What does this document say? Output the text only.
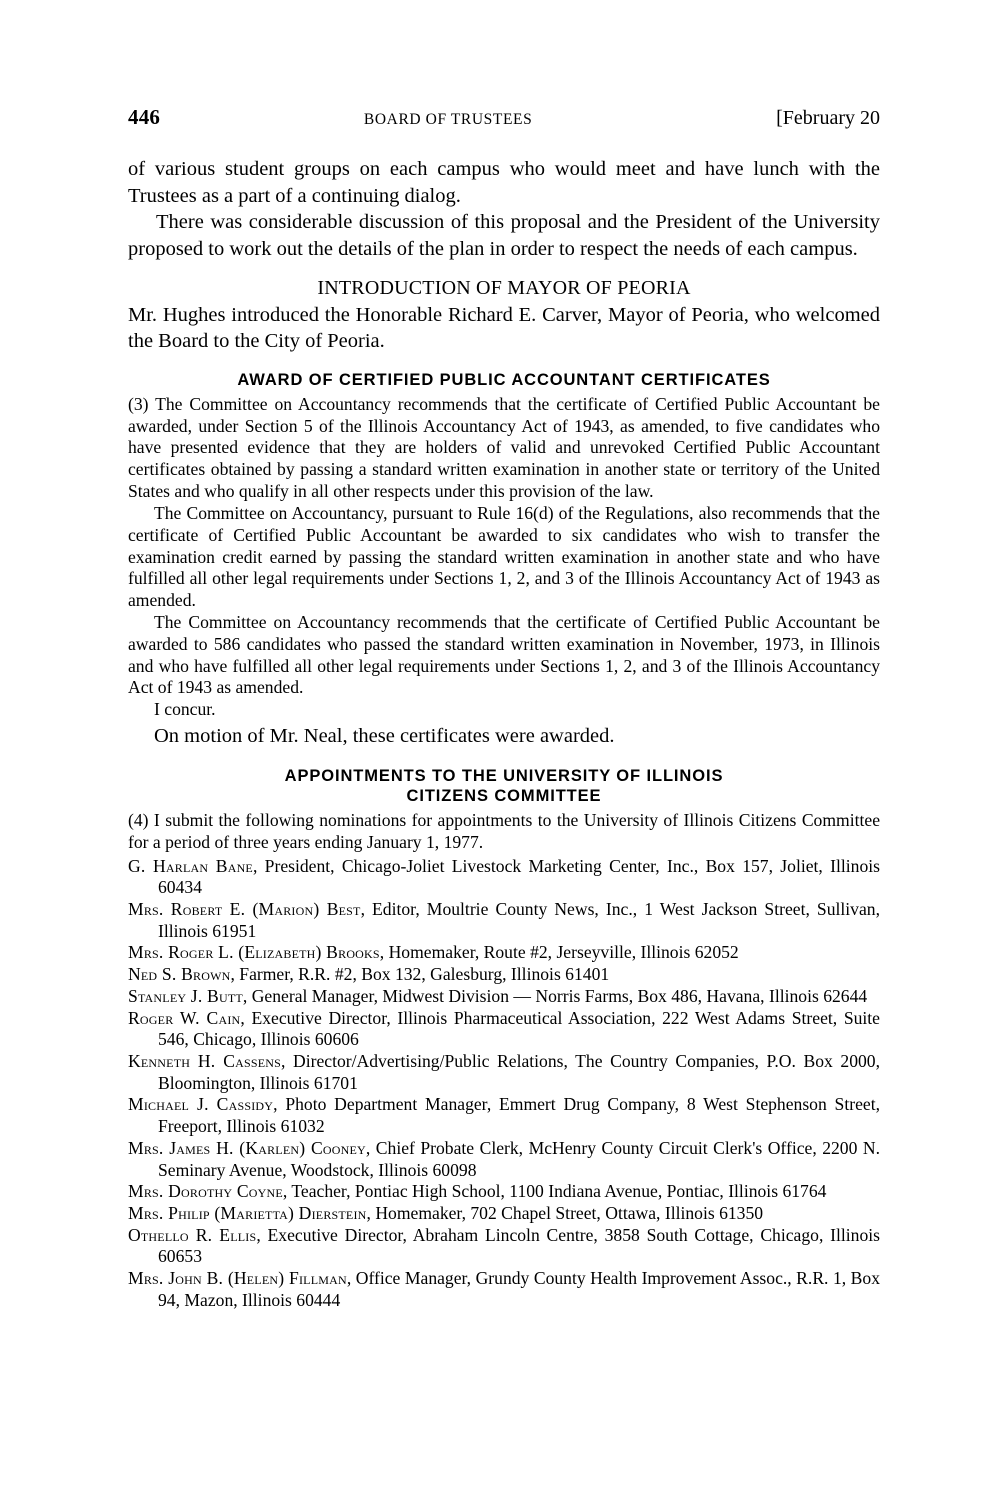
446	BOARD OF TRUSTEES	[February 20

of various student groups on each campus who would meet and have lunch with the Trustees as a part of a continuing dialog.

There was considerable discussion of this proposal and the President of the University proposed to work out the details of the plan in order to respect the needs of each campus.

INTRODUCTION OF MAYOR OF PEORIA

Mr. Hughes introduced the Honorable Richard E. Carver, Mayor of Peoria, who welcomed the Board to the City of Peoria.

AWARD OF CERTIFIED PUBLIC ACCOUNTANT CERTIFICATES

(3) The Committee on Accountancy recommends that the certificate of Certified Public Accountant be awarded, under Section 5 of the Illinois Accountancy Act of 1943, as amended, to five candidates who have presented evidence that they are holders of valid and unrevoked Certified Public Accountant certificates obtained by passing a standard written examination in another state or territory of the United States and who qualify in all other respects under this provision of the law.

The Committee on Accountancy, pursuant to Rule 16(d) of the Regulations, also recommends that the certificate of Certified Public Accountant be awarded to six candidates who wish to transfer the examination credit earned by passing the standard written examination in another state and who have fulfilled all other legal requirements under Sections 1, 2, and 3 of the Illinois Accountancy Act of 1943 as amended.

The Committee on Accountancy recommends that the certificate of Certified Public Accountant be awarded to 586 candidates who passed the standard written examination in November, 1973, in Illinois and who have fulfilled all other legal requirements under Sections 1, 2, and 3 of the Illinois Accountancy Act of 1943 as amended.

I concur.

On motion of Mr. Neal, these certificates were awarded.

APPOINTMENTS TO THE UNIVERSITY OF ILLINOIS
CITIZENS COMMITTEE

(4) I submit the following nominations for appointments to the University of Illinois Citizens Committee for a period of three years ending January 1, 1977.

G. Harlan Bane, President, Chicago-Joliet Livestock Marketing Center, Inc., Box 157, Joliet, Illinois 60434

Mrs. Robert E. (Marion) Best, Editor, Moultrie County News, Inc., 1 West Jackson Street, Sullivan, Illinois 61951

Mrs. Roger L. (Elizabeth) Brooks, Homemaker, Route #2, Jerseyville, Illinois 62052

Ned S. Brown, Farmer, R.R. #2, Box 132, Galesburg, Illinois 61401

Stanley J. Butt, General Manager, Midwest Division — Norris Farms, Box 486, Havana, Illinois 62644

Roger W. Cain, Executive Director, Illinois Pharmaceutical Association, 222 West Adams Street, Suite 546, Chicago, Illinois 60606

Kenneth H. Cassens, Director/Advertising/Public Relations, The Country Companies, P.O. Box 2000, Bloomington, Illinois 61701

Michael J. Cassidy, Photo Department Manager, Emmert Drug Company, 8 West Stephenson Street, Freeport, Illinois 61032

Mrs. James H. (Karlen) Cooney, Chief Probate Clerk, McHenry County Circuit Clerk's Office, 2200 N. Seminary Avenue, Woodstock, Illinois 60098

Mrs. Dorothy Coyne, Teacher, Pontiac High School, 1100 Indiana Avenue, Pontiac, Illinois 61764

Mrs. Philip (Marietta) Dierstein, Homemaker, 702 Chapel Street, Ottawa, Illinois 61350

Othello R. Ellis, Executive Director, Abraham Lincoln Centre, 3858 South Cottage, Chicago, Illinois 60653

Mrs. John B. (Helen) Fillman, Office Manager, Grundy County Health Improvement Assoc., R.R. 1, Box 94, Mazon, Illinois 60444
